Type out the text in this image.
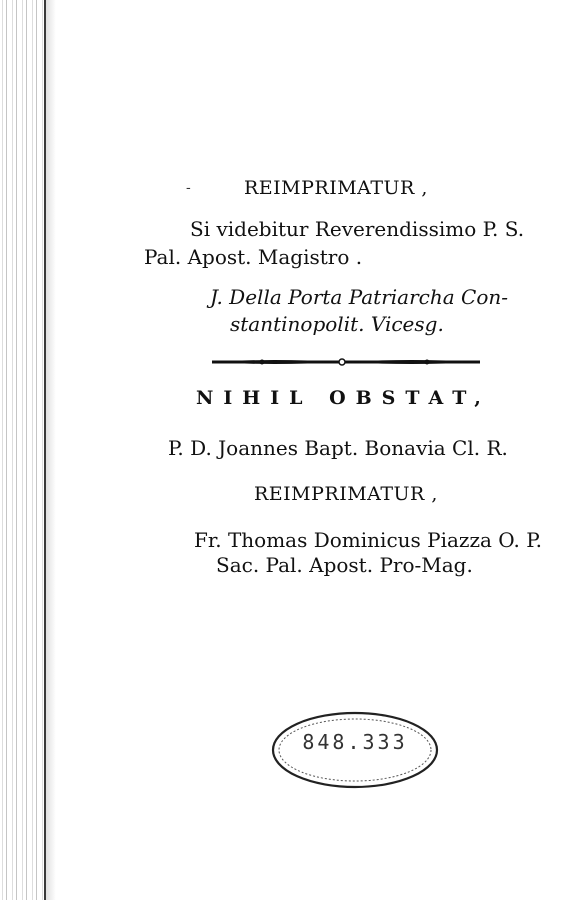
-	REIMPRIMATUR ,
Si videbitur Reverendissimo P. S.
Pal. Apost. Magistro .
J. Della Porta Patriarcha Con-
stantinopolit. Vicesg.
NIHIL OBSTAT,
P. D. Joannes Bapt. Bonavia Cl. R.
REIMPRIMATUR ,
Fr. Thomas Dominicus Piazza O. P.
Sac. Pal. Apost. Pro-Mag.
848.333
